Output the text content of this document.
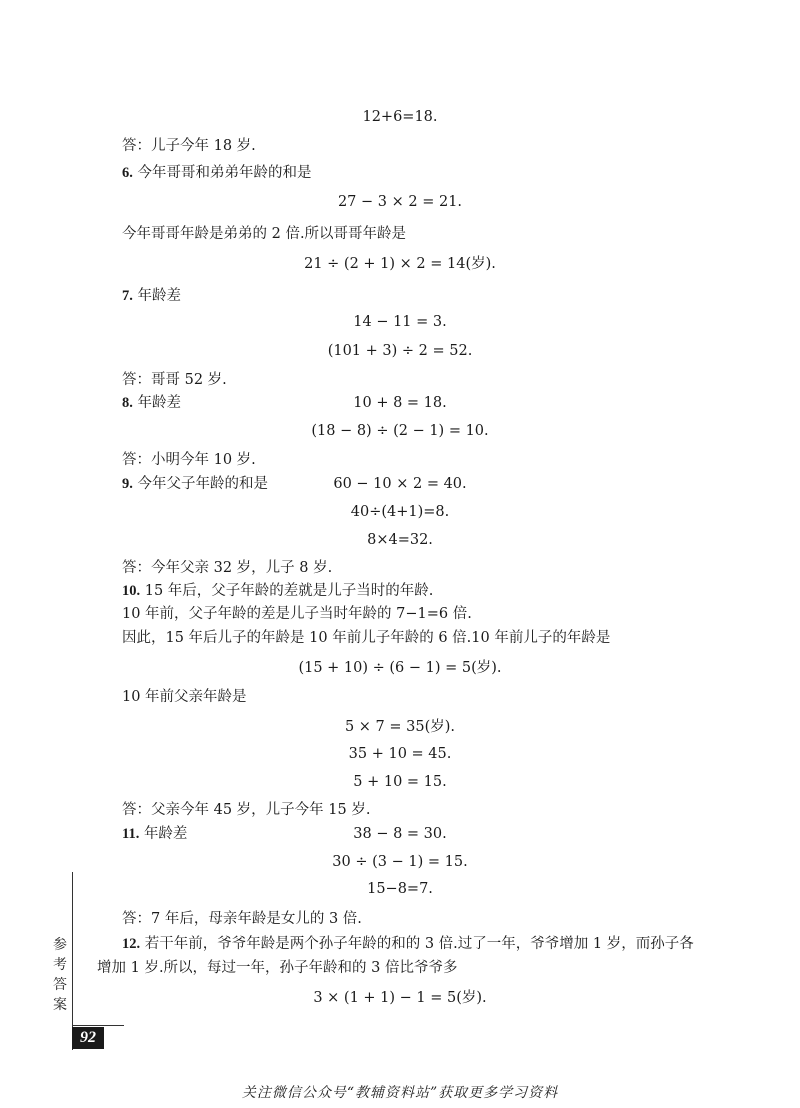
12+6=18.
答：儿子今年 18 岁.
6. 今年哥哥和弟弟年龄的和是
27 − 3 × 2 = 21.
今年哥哥年龄是弟弟的 2 倍.所以哥哥年龄是
21 ÷ (2 + 1) × 2 = 14(岁).
7. 年龄差
14 − 11 = 3.
(101 + 3) ÷ 2 = 52.
答：哥哥 52 岁.
8. 年龄差	10 + 8 = 18.
(18 − 8) ÷ (2 − 1) = 10.
答：小明今年 10 岁.
9. 今年父子年龄的和是	60 − 10 × 2 = 40.
40÷(4+1)=8.
8×4=32.
答：今年父亲 32 岁，儿子 8 岁.
10. 15 年后，父子年龄的差就是儿子当时的年龄.
10 年前，父子年龄的差是儿子当时年龄的 7−1=6 倍.
因此，15 年后儿子的年龄是 10 年前儿子年龄的 6 倍.10 年前儿子的年龄是
(15 + 10) ÷ (6 − 1) = 5(岁).
10 年前父亲年龄是
5 × 7 = 35(岁).
35 + 10 = 45.
5 + 10 = 15.
答：父亲今年 45 岁，儿子今年 15 岁.
11. 年龄差	38 − 8 = 30.
30 ÷ (3 − 1) = 15.
15−8=7.
答：7 年后，母亲年龄是女儿的 3 倍.
12. 若干年前，爷爷年龄是两个孙子年龄的和的 3 倍.过了一年，爷爷增加 1 岁，而孙子各
增加 1 岁.所以，每过一年，孙子年龄和的 3 倍比爷爷多
3 × (1 + 1) − 1 = 5(岁).
参考答案
92
关注微信公众号“教辅资料站”获取更多学习资料
